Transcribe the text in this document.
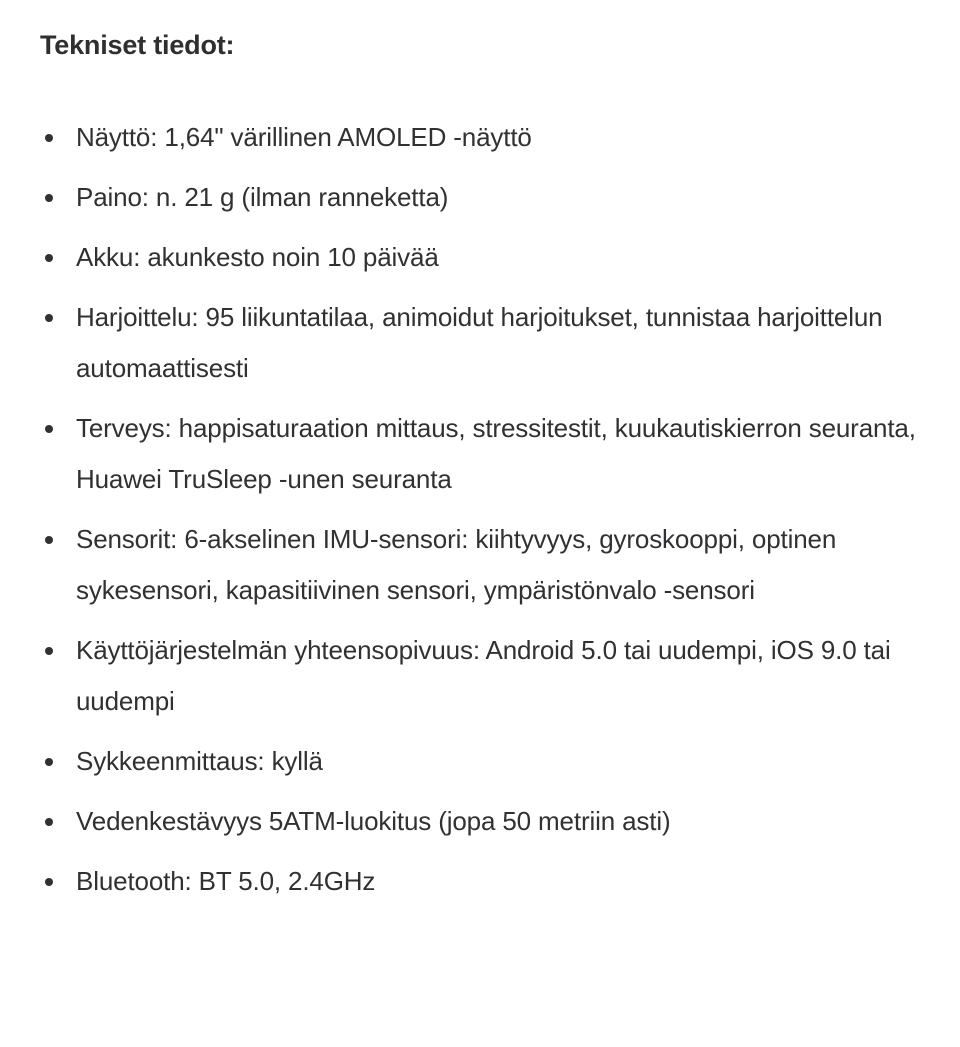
Tekniset tiedot:
Näyttö: 1,64" värillinen AMOLED -näyttö
Paino: n. 21 g (ilman ranneketta)
Akku: akunkesto noin 10 päivää
Harjoittelu: 95 liikuntatilaa, animoidut harjoitukset, tunnistaa harjoittelun automaattisesti
Terveys: happisaturaation mittaus, stressitestit, kuukautiskierron seuranta, Huawei TruSleep -unen seuranta
Sensorit: 6-akselinen IMU-sensori: kiihtyvyys, gyroskooppi, optinen sykesensori, kapasitiivinen sensori, ympäristönvalo -sensori
Käyttöjärjestelmän yhteensopivuus: Android 5.0 tai uudempi, iOS 9.0 tai uudempi
Sykkeenmittaus: kyllä
Vedenkestävyys 5ATM-luokitus (jopa 50 metriin asti)
Bluetooth: BT 5.0, 2.4GHz
